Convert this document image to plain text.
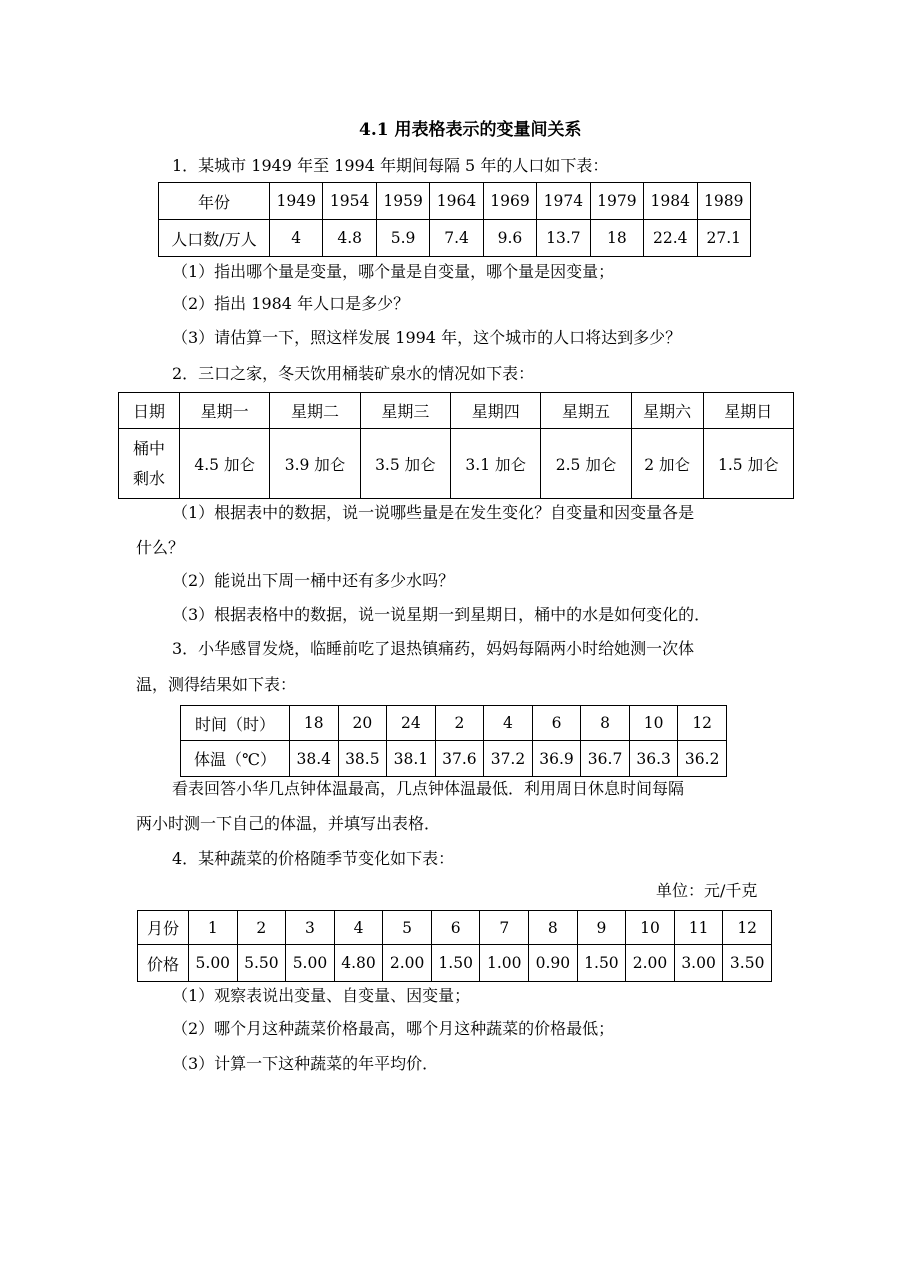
4.1 用表格表示的变量间关系
1．某城市 1949 年至 1994 年期间每隔 5 年的人口如下表：
年份	1949	1954	1959	1964	1969	1974	1979	1984	1989
人口数/万人	4	4.8	5.9	7.4	9.6	13.7	18	22.4	27.1
（1）指出哪个量是变量，哪个量是自变量，哪个量是因变量；
（2）指出 1984 年人口是多少？
（3）请估算一下，照这样发展 1994 年，这个城市的人口将达到多少？
2．三口之家，冬天饮用桶装矿泉水的情况如下表：
日期	星期一	星期二	星期三	星期四	星期五	星期六	星期日

桶中
剩水	4.5 加仑	3.9 加仑	3.5 加仑	3.1 加仑	2.5 加仑	2 加仑	1.5 加仑
（1）根据表中的数据，说一说哪些量是在发生变化？自变量和因变量各是
什么？
（2）能说出下周一桶中还有多少水吗？
（3）根据表格中的数据，说一说星期一到星期日，桶中的水是如何变化的．
3．小华感冒发烧，临睡前吃了退热镇痛药，妈妈每隔两小时给她测一次体
温，测得结果如下表：
时间（时）	18	20	24	2	4	6	8	10	12
体温（℃）	38.4	38.5	38.1	37.6	37.2	36.9	36.7	36.3	36.2
看表回答小华几点钟体温最高，几点钟体温最低．利用周日休息时间每隔
两小时测一下自己的体温，并填写出表格．
4．某种蔬菜的价格随季节变化如下表：
单位：元/千克
月份	1	2	3	4	5	6	7	8	9	10	11	12
价格	5.00	5.50	5.00	4.80	2.00	1.50	1.00	0.90	1.50	2.00	3.00	3.50
（1）观察表说出变量、自变量、因变量；
（2）哪个月这种蔬菜价格最高，哪个月这种蔬菜的价格最低；
（3）计算一下这种蔬菜的年平均价．
